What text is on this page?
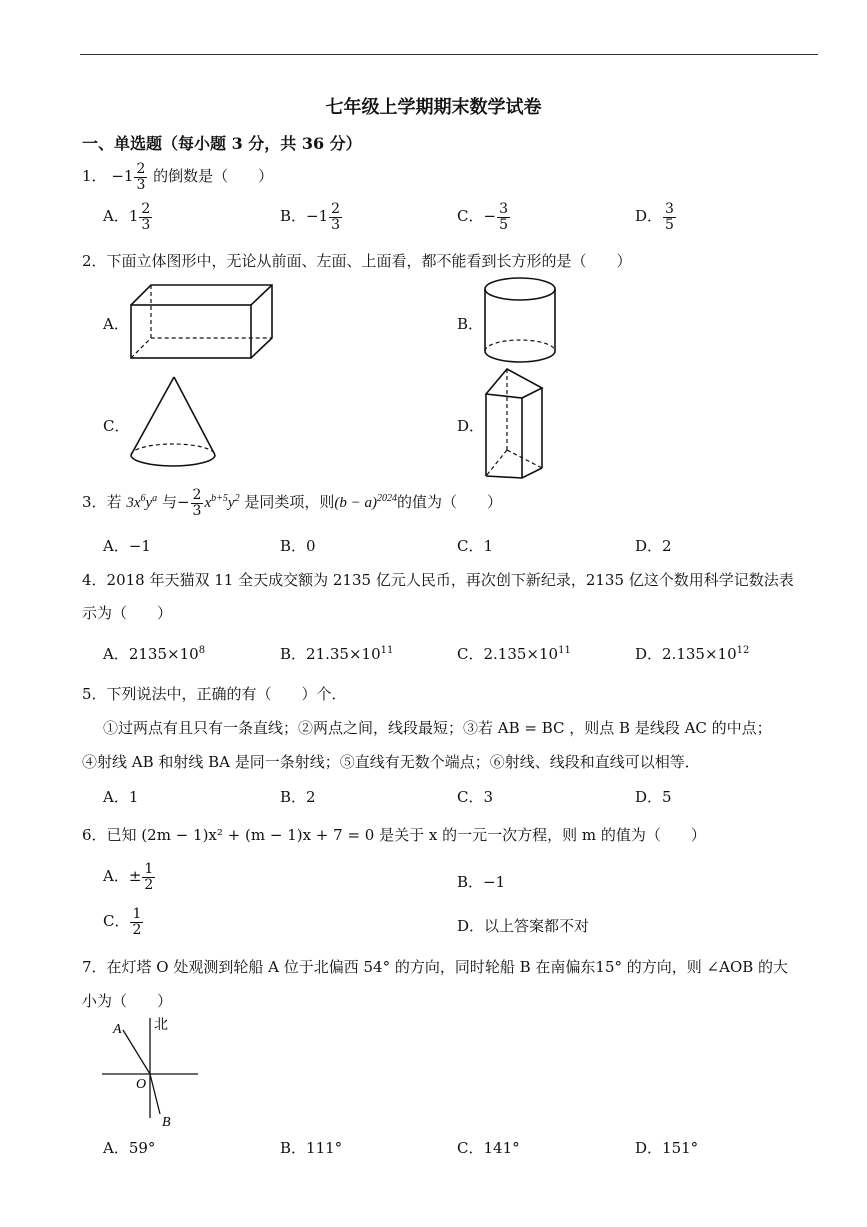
七年级上学期期末数学试卷
一、单选题（每小题 3 分，共 36 分）
1． $-1 \frac{2}{3}$ 的倒数是（　　）
A．$1 \frac{2}{3}$	B．$-1 \frac{2}{3}$	C．− $\frac{3}{5}$	D． $\frac{3}{5}$
2．下面立体图形中，无论从前面、左面、上面看，都不能看到长方形的是（　　）
A．	B．
C．	D．
3．若 $3x^6y^a$ 与− $\frac{2}{3} x^{b+5}y^2$ 是同类项，则$(b - a)^{2024}$的值为（　　）
A．−1	B．0	C．1	D．2
4．2018 年天猫双 11 全天成交额为 2135 亿元人民币，再次创下新纪录，2135 亿这个数用科学记数法表
示为（　　）
A．$2135\times 10^8$	B．$21.35\times 10^{11}$	C．$2.135\times 10^{11}$	D．$2.135\times 10^{12}$
5．下列说法中，正确的有（　　）个．
①过两点有且只有一条直线；②两点之间，线段最短；③若 AB = BC ，则点 B 是线段 AC 的中点；
④射线 AB 和射线 BA 是同一条射线；⑤直线有无数个端点；⑥射线、线段和直线可以相等．
A．1	B．2	C．3	D．5
6．已知 (2m − 1)x² + (m − 1)x + 7 = 0 是关于 x 的一元一次方程，则 m 的值为（　　）
A．± $\frac{1}{2}$	B．−1
C． $\frac{1}{2}$	D．以上答案都不对
7．在灯塔 O 处观测到轮船 A 位于北偏西 54° 的方向，同时轮船 B 在南偏东15° 的方向，则 ∠AOB 的大
小为（　　）
北
A
O
B
A．59°	B．111°	C．141°	D．151°
